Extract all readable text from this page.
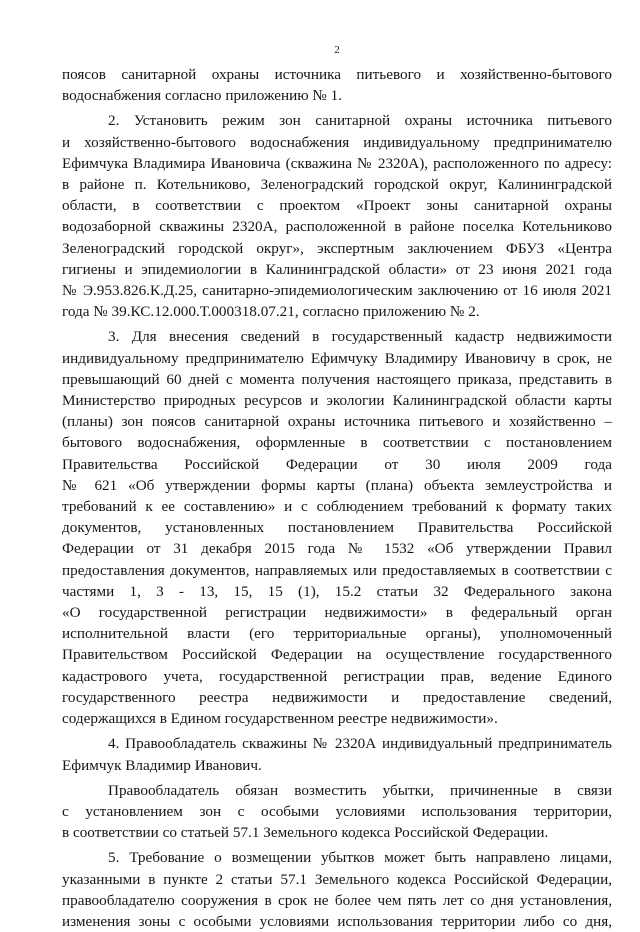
2

поясов санитарной охраны источника питьевого и хозяйственно-бытового

водоснабжения согласно приложению № 1.

2. Установить режим зон санитарной охраны источника питьевого

и хозяйственно-бытового водоснабжения индивидуальному предпринимателю

Ефимчука Владимира Ивановича (скважина № 2320А), расположенного по адресу:

в районе п. Котельниково, Зеленоградский городской округ, Калининградской

области, в соответствии с проектом «Проект зоны санитарной охраны

водозаборной скважины 2320А, расположенной в районе поселка Котельниково

Зеленоградский городской округ», экспертным заключением ФБУЗ «Центра

гигиены и эпидемиологии в Калининградской области» от 23 июня 2021 года

№ Э.953.826.К.Д.25, санитарно-эпидемиологическим заключению от 16 июля 2021

года № 39.КС.12.000.Т.000318.07.21, согласно приложению № 2.

3. Для внесения сведений в государственный кадастр недвижимости

индивидуальному предпринимателю Ефимчуку Владимиру Ивановичу в срок, не

превышающий 60 дней с момента получения настоящего приказа, представить в

Министерство природных ресурсов и экологии Калининградской области карты

(планы) зон поясов санитарной охраны источника питьевого и хозяйственно –

бытового водоснабжения, оформленные в соответствии с постановлением

Правительства Российской Федерации от 30 июля 2009 года

№ 621 «Об утверждении формы карты (плана) объекта землеустройства и

требований к ее составлению» и с соблюдением требований к формату таких

документов, установленных постановлением Правительства Российской

Федерации от 31 декабря 2015 года № 1532 «Об утверждении Правил

предоставления документов, направляемых или предоставляемых в соответствии с

частями 1, 3 - 13, 15, 15 (1), 15.2 статьи 32 Федерального закона

«О государственной регистрации недвижимости» в федеральный орган

исполнительной власти (его территориальные органы), уполномоченный

Правительством Российской Федерации на осуществление государственного

кадастрового учета, государственной регистрации прав, ведение Единого

государственного реестра недвижимости и предоставление сведений,

содержащихся в Едином государственном реестре недвижимости».

4. Правообладатель скважины № 2320А индивидуальный предприниматель

Ефимчук Владимир Иванович.

Правообладатель обязан возместить убытки, причиненные в связи

с установлением зон с особыми условиями использования территории,

в соответствии со статьей 57.1 Земельного кодекса Российской Федерации.

5. Требование о возмещении убытков может быть направлено лицами,

указанными в пункте 2 статьи 57.1 Земельного кодекса Российской Федерации,

правообладателю сооружения в срок не более чем пять лет со дня установления,

изменения зоны с особыми условиями использования территории либо со дня,
